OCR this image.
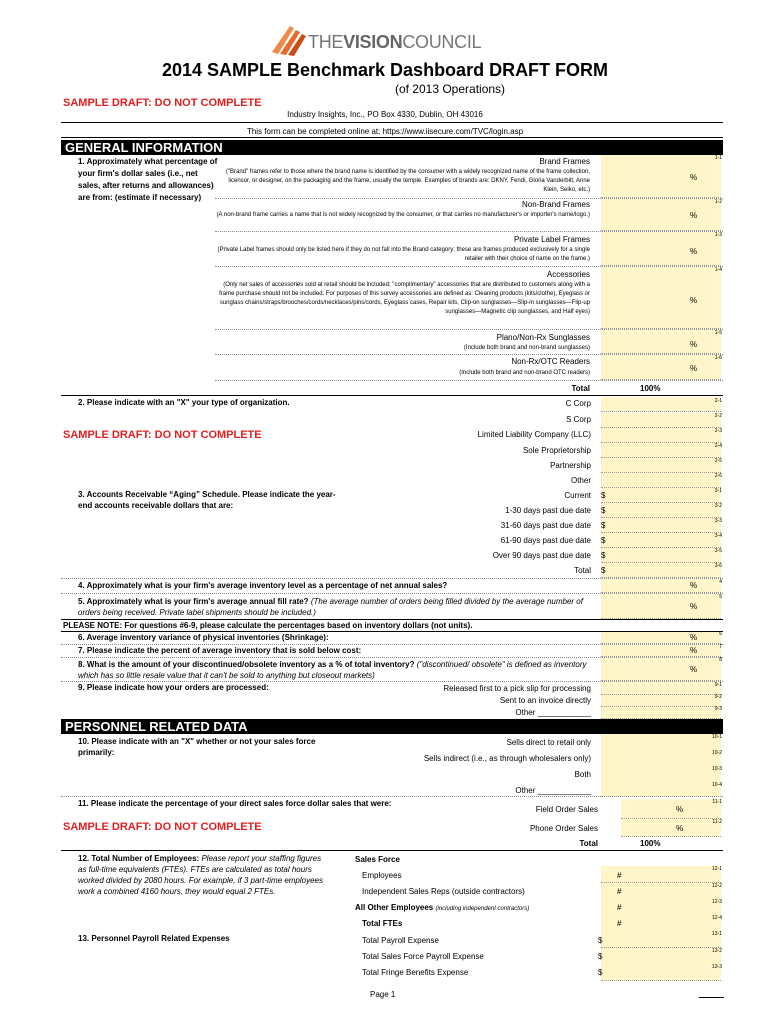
THEVISIONCOUNCIL
2014 SAMPLE Benchmark Dashboard DRAFT FORM
(of 2013 Operations)
SAMPLE DRAFT: DO NOT COMPLETE
Industry Insights, Inc., PO Box 4330, Dublin, OH 43016
This form can be completed online at: https://www.iisecure.com/TVC/login.asp
GENERAL INFORMATION
1. Approximately what percentage of your firm's dollar sales (i.e., net sales, after returns and allowances) are from: (estimate if necessary)
Brand Frames
("Brand" frames refer to those where the brand name is identified by the consumer with a widely recognized name of the frame collection, licensor, or designer, on the packaging and the frame, usually the temple. Examples of brands are: DKNY, Fendi, Gloria Vanderbilt, Anne Klein, Seiko, etc.)
1-1
%
Non-Brand Frames
(A non-brand frame carries a name that is not widely recognized by the consumer, or that carries no manufacturer's or importer's name/logo.)
1-2
%
Private Label Frames
(Private Label frames should only be listed here if they do not fall into the Brand category; these are frames produced exclusively for a single retailer with their choice of name on the frame.)
1-3
%
Accessories
(Only net sales of accessories sold at retail should be included; "complimentary" accessories that are distributed to customers along with a frame purchase should not be included. For purposes of this survey accessories are defined as: Cleaning products (kits/clothe), Eyeglass or sunglass chains/straps/brooches/cords/necklaces/pins/cords, Eyeglass cases, Repair kits, Clip-on sunglasses—Slip-in sunglasses—Flip-up sunglasses—Magnetic clip sunglasses, and Half eyes)
1-4
%
Plano/Non-Rx Sunglasses
(Include both brand and non-brand sunglasses)
1-5
%
Non-Rx/OTC Readers
(Include both brand and non-brand OTC readers)
1-6
%
Total	100%
2. Please indicate with an "X" your type of organization.
SAMPLE DRAFT: DO NOT COMPLETE
C Corp	2-1
S Corp	2-2
Limited Liability Company (LLC)	2-3
Sole Proprietorship	2-4
Partnership	2-5
Other	2-6
3. Accounts Receivable “Aging” Schedule. Please indicate the year-end accounts receivable dollars that are:
Current $	3-1
1-30 days past due date $	3-2
31-60 days past due date $	3-3
61-90 days past due date $	3-4
Over 90 days past due date $	3-5
Total $	3-6
4. Approximately what is your firm's average inventory level as a percentage of net annual sales?	%	4
5. Approximately what is your firm's average annual fill rate? (The average number of orders being filled divided by the average number of orders being received. Private label shipments should be included.)
%
5
PLEASE NOTE: For questions #6-9, please calculate the percentages based on inventory dollars (not units).
6. Average inventory variance of physical inventories (Shrinkage):	%	6
7. Please indicate the percent of average inventory that is sold below cost:	%	7
8. What is the amount of your discontinued/obsolete inventory as a % of total inventory? ("discontinued/ obsolete" is defined as inventory which has so little resale value that it can't be sold to anything but closeout markets)
%
8
9. Please indicate how your orders are processed:	Released first to a pick slip for processing	9-1
Sent to an invoice directly	9-2
Other ____________	9-3
PERSONNEL RELATED DATA
10. Please indicate with an "X" whether or not your sales force primarily:
Sells direct to retail only
10-1
Sells indirect (i.e., as through wholesalers only)
10-2
Both
10-3
Other ____________
10-4
11. Please indicate the percentage of your direct sales force dollar sales that were:
SAMPLE DRAFT: DO NOT COMPLETE
Field Order Sales	%
11-1
Phone Order Sales	%
11-2
Total	100%
12. Total Number of Employees: Please report your staffing figures as full-time equivalents (FTEs). FTEs are calculated as total hours worked divided by 2080 hours. For example, if 3 part-time employees work a combined 4160 hours, they would equal 2 FTEs.
Sales Force
Employees	#
12-1
Independent Sales Reps (outside contractors)	#
12-2
All Other Employees (including independent contractors)	#
12-3
Total FTEs	#
12-4
13. Personnel Payroll Related Expenses	Total Payroll Expense	$
13-1
Total Sales Force Payroll Expense	$
13-2
Total Fringe Benefits Expense	$
13-3
Page 1
